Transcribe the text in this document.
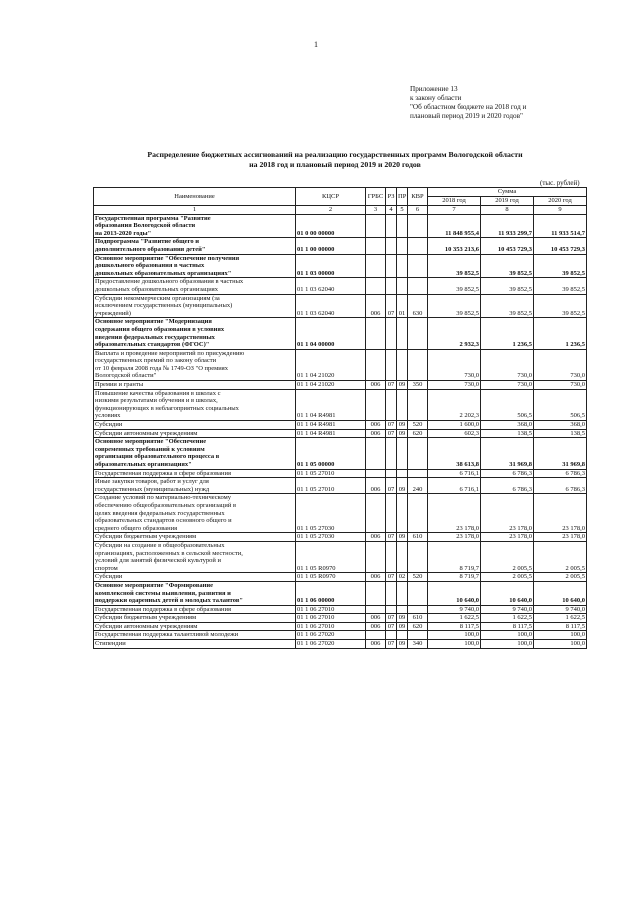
1
Приложение 13
к закону области
"Об областном бюджете на 2018 год и
плановый период 2019 и 2020 годов"
Распределение бюджетных ассигнований на реализацию государственных программ Вологодской области
на 2018 год и плановый период 2019 и 2020 годов
(тыс. рублей)
Наименование	КЦСР	ГРБС	РЗ	ПР	КВР	Сумма		
						2018 год	2019 год	2020 год
1	2	3	4	5	6	7	8	9

Государственная программа "Развитие
образования Вологодской области
на 2013-2020 годы"	01 0 00 00000					11 848 955,4	11 933 299,7	11 933 514,7

Подпрограмма "Развитие общего и
дополнительного образования детей"	01 1 00 00000					10 353 213,6	10 453 729,3	10 453 729,3

Основное мероприятие "Обеспечение получения
дошкольного образования в частных
дошкольных образовательных организациях"	01 1 03 00000					39 852,5	39 852,5	39 852,5

Предоставление дошкольного образования в частных
дошкольных образовательных организациях	01 1 03 62040					39 852,5	39 852,5	39 852,5

Субсидии некоммерческим организациям (за
исключением государственных (муниципальных)
учреждений)	01 1 03 62040	006	07	01	630	39 852,5	39 852,5	39 852,5

Основное мероприятие "Модернизация
содержания общего образования в условиях
введения федеральных государственных
образовательных стандартов (ФГОС)"	01 1 04 00000					2 932,3	1 236,5	1 236,5

Выплата и проведение мероприятий по присуждению
государственных премий по закону области
от 10 февраля 2008 года № 1749-ОЗ "О премиях
Вологодской области"	01 1 04 21020					730,0	730,0	730,0

Премии и гранты	01 1 04 21020	006	07	09	350	730,0	730,0	730,0

Повышение качества образования в школах с
низкими результатами обучения и в школах,
функционирующих в неблагоприятных социальных
условиях	01 1 04 R4981					2 202,3	506,5	506,5

Субсидии	01 1 04 R4981	006	07	09	520	1 600,0	368,0	368,0

Субсидии автономным учреждениям	01 1 04 R4981	006	07	09	620	602,3	138,5	138,5

Основное мероприятие "Обеспечение
современных требований к условиям
организации образовательного процесса в
образовательных организациях"	01 1 05 00000					38 613,8	31 969,8	31 969,8

Государственная поддержка в сфере образования	01 1 05 27010					6 716,1	6 786,3	6 786,3

Иные закупки товаров, работ и услуг для
государственных (муниципальных) нужд	01 1 05 27010	006	07	09	240	6 716,1	6 786,3	6 786,3

Создание условий по материально-техническому
обеспечению общеобразовательных организаций в
целях введения федеральных государственных
образовательных стандартов основного общего и
среднего общего образования	01 1 05 27030					23 178,0	23 178,0	23 178,0

Субсидии бюджетным учреждениям	01 1 05 27030	006	07	09	610	23 178,0	23 178,0	23 178,0

Субсидии на создание в общеобразовательных
организациях, расположенных в сельской местности,
условий для занятий физической культурой и
спортом	01 1 05 R0970					8 719,7	2 005,5	2 005,5

Субсидии	01 1 05 R0970	006	07	02	520	8 719,7	2 005,5	2 005,5

Основное мероприятие "Формирование
комплексной системы выявления, развития и
поддержки одаренных детей в молодых талантов"	01 1 06 00000					10 640,0	10 640,0	10 640,0

Государственная поддержка в сфере образования	01 1 06 27010					9 740,0	9 740,0	9 740,0

Субсидии бюджетным учреждениям	01 1 06 27010	006	07	09	610	1 622,5	1 622,5	1 622,5

Субсидии автономным учреждениям	01 1 06 27010	006	07	09	620	8 117,5	8 117,5	8 117,5

Государственная поддержка талантливой молодежи	01 1 06 27020					100,0	100,0	100,0

Стипендии	01 1 06 27020	006	07	09	340	100,0	100,0	100,0
